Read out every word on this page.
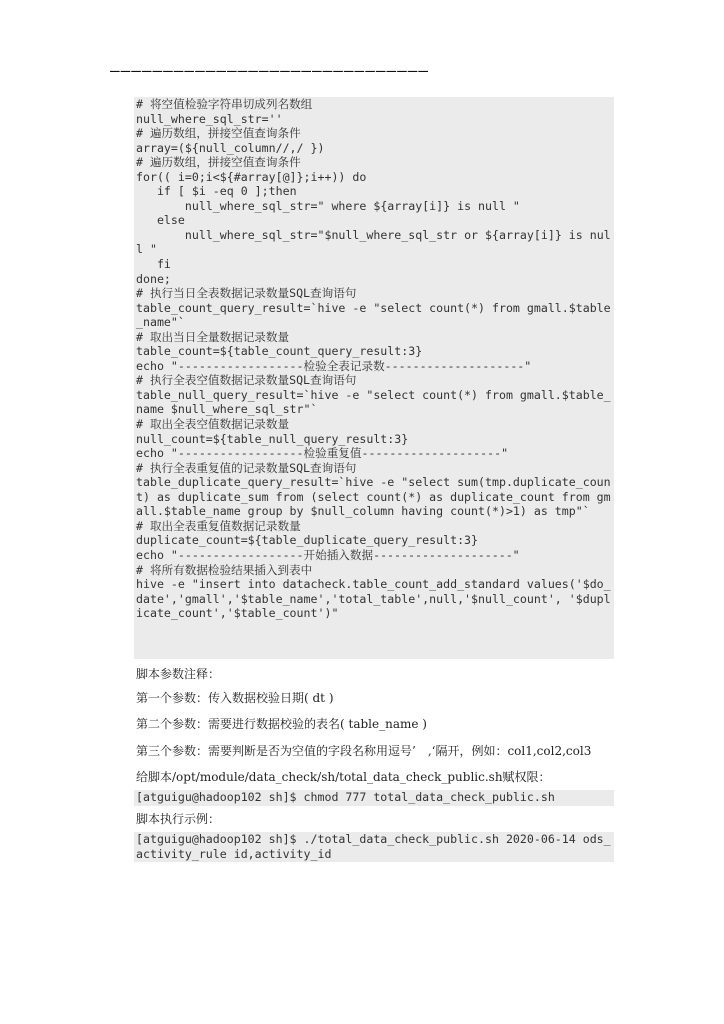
——————————————————————————————
# 将空值检验字符串切成列名数组
null_where_sql_str=''
# 遍历数组，拼接空值查询条件
array=(${null_column//,/ })
# 遍历数组，拼接空值查询条件
for(( i=0;i<${#array[@]};i++)) do
if [ $i -eq 0 ];then
null_where_sql_str=" where ${array[i]} is null "
else
null_where_sql_str="$null_where_sql_str or ${array[i]} is null "
fi
done;
# 执行当日全表数据记录数量SQL查询语句
table_count_query_result=`hive -e "select count(*) from gmall.$table_name"`
# 取出当日全量数据记录数量
table_count=${table_count_query_result:3}
echo "------------------检验全表记录数--------------------"
# 执行全表空值数据记录数量SQL查询语句
table_null_query_result=`hive -e "select count(*) from gmall.$table_name $null_where_sql_str"`
# 取出全表空值数据记录数量
null_count=${table_null_query_result:3}
echo "------------------检验重复值--------------------"
# 执行全表重复值的记录数量SQL查询语句
table_duplicate_query_result=`hive -e "select sum(tmp.duplicate_count) as duplicate_sum from (select count(*) as duplicate_count from gmall.$table_name group by $null_column having count(*)>1) as tmp"`
# 取出全表重复值数据记录数量
duplicate_count=${table_duplicate_query_result:3}
echo "------------------开始插入数据--------------------"
# 将所有数据检验结果插入到表中
hive -e "insert into datacheck.table_count_add_standard values('$do_date','gmall','$table_name','total_table',null,'$null_count', '$duplicate_count','$table_count')"
脚本参数注释：
第一个参数：传入数据校验日期( dt )
第二个参数：需要进行数据校验的表名( table_name )
第三个参数：需要判断是否为空值的字段名称用逗号’　,‘隔开，例如：col1,col2,col3
给脚本/opt/module/data_check/sh/total_data_check_public.sh赋权限：
[atguigu@hadoop102 sh]$ chmod 777 total_data_check_public.sh
脚本执行示例：
[atguigu@hadoop102 sh]$ ./total_data_check_public.sh 2020-06-14 ods_activity_rule id,activity_id
